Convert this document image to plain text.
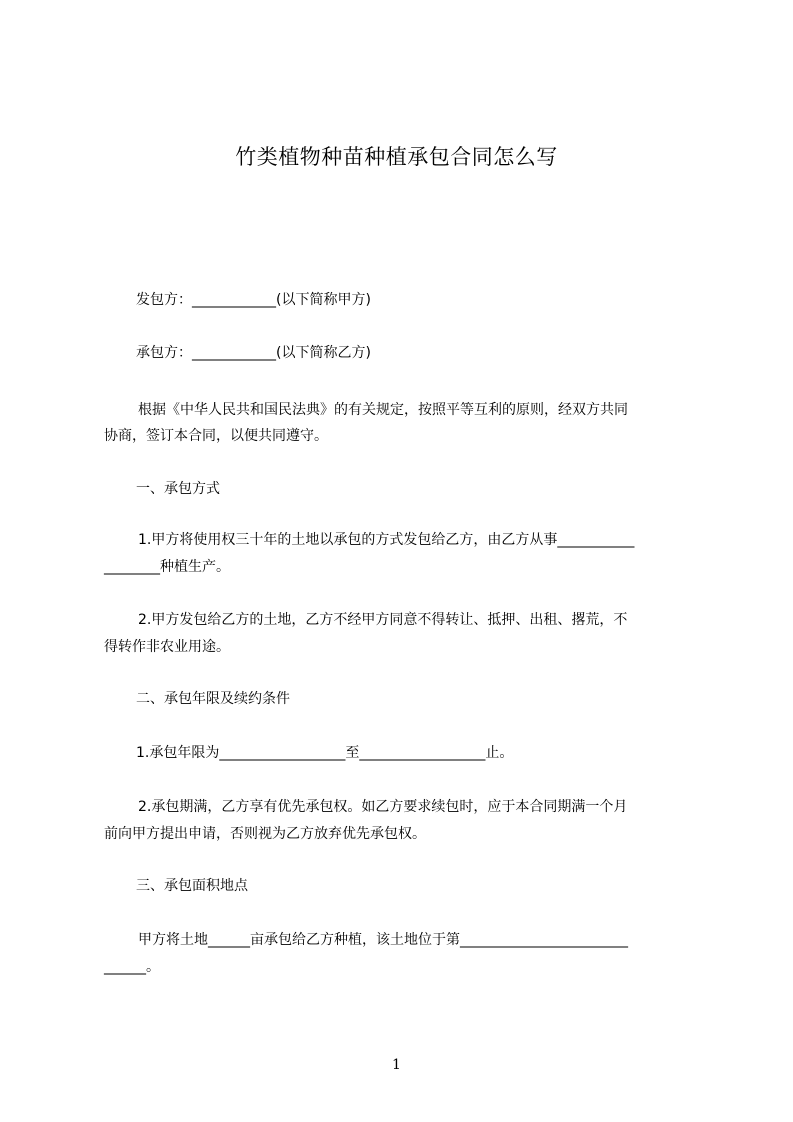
竹类植物种苗种植承包合同怎么写
发包方：____________(以下简称甲方)
承包方：____________(以下简称乙方)
根据《中华人民共和国民法典》的有关规定，按照平等互利的原则，经双方共同
协商，签订本合同，以便共同遵守。
一、承包方式
1.甲方将使用权三十年的土地以承包的方式发包给乙方，由乙方从事___________
________种植生产。
2.甲方发包给乙方的土地，乙方不经甲方同意不得转让、抵押、出租、撂荒，不
得转作非农业用途。
二、承包年限及续约条件
1.承包年限为__________________至__________________止。
2.承包期满，乙方享有优先承包权。如乙方要求续包时，应于本合同期满一个月
前向甲方提出申请，否则视为乙方放弃优先承包权。
三、承包面积地点
甲方将土地______亩承包给乙方种植，该土地位于第________________________
______。
1
